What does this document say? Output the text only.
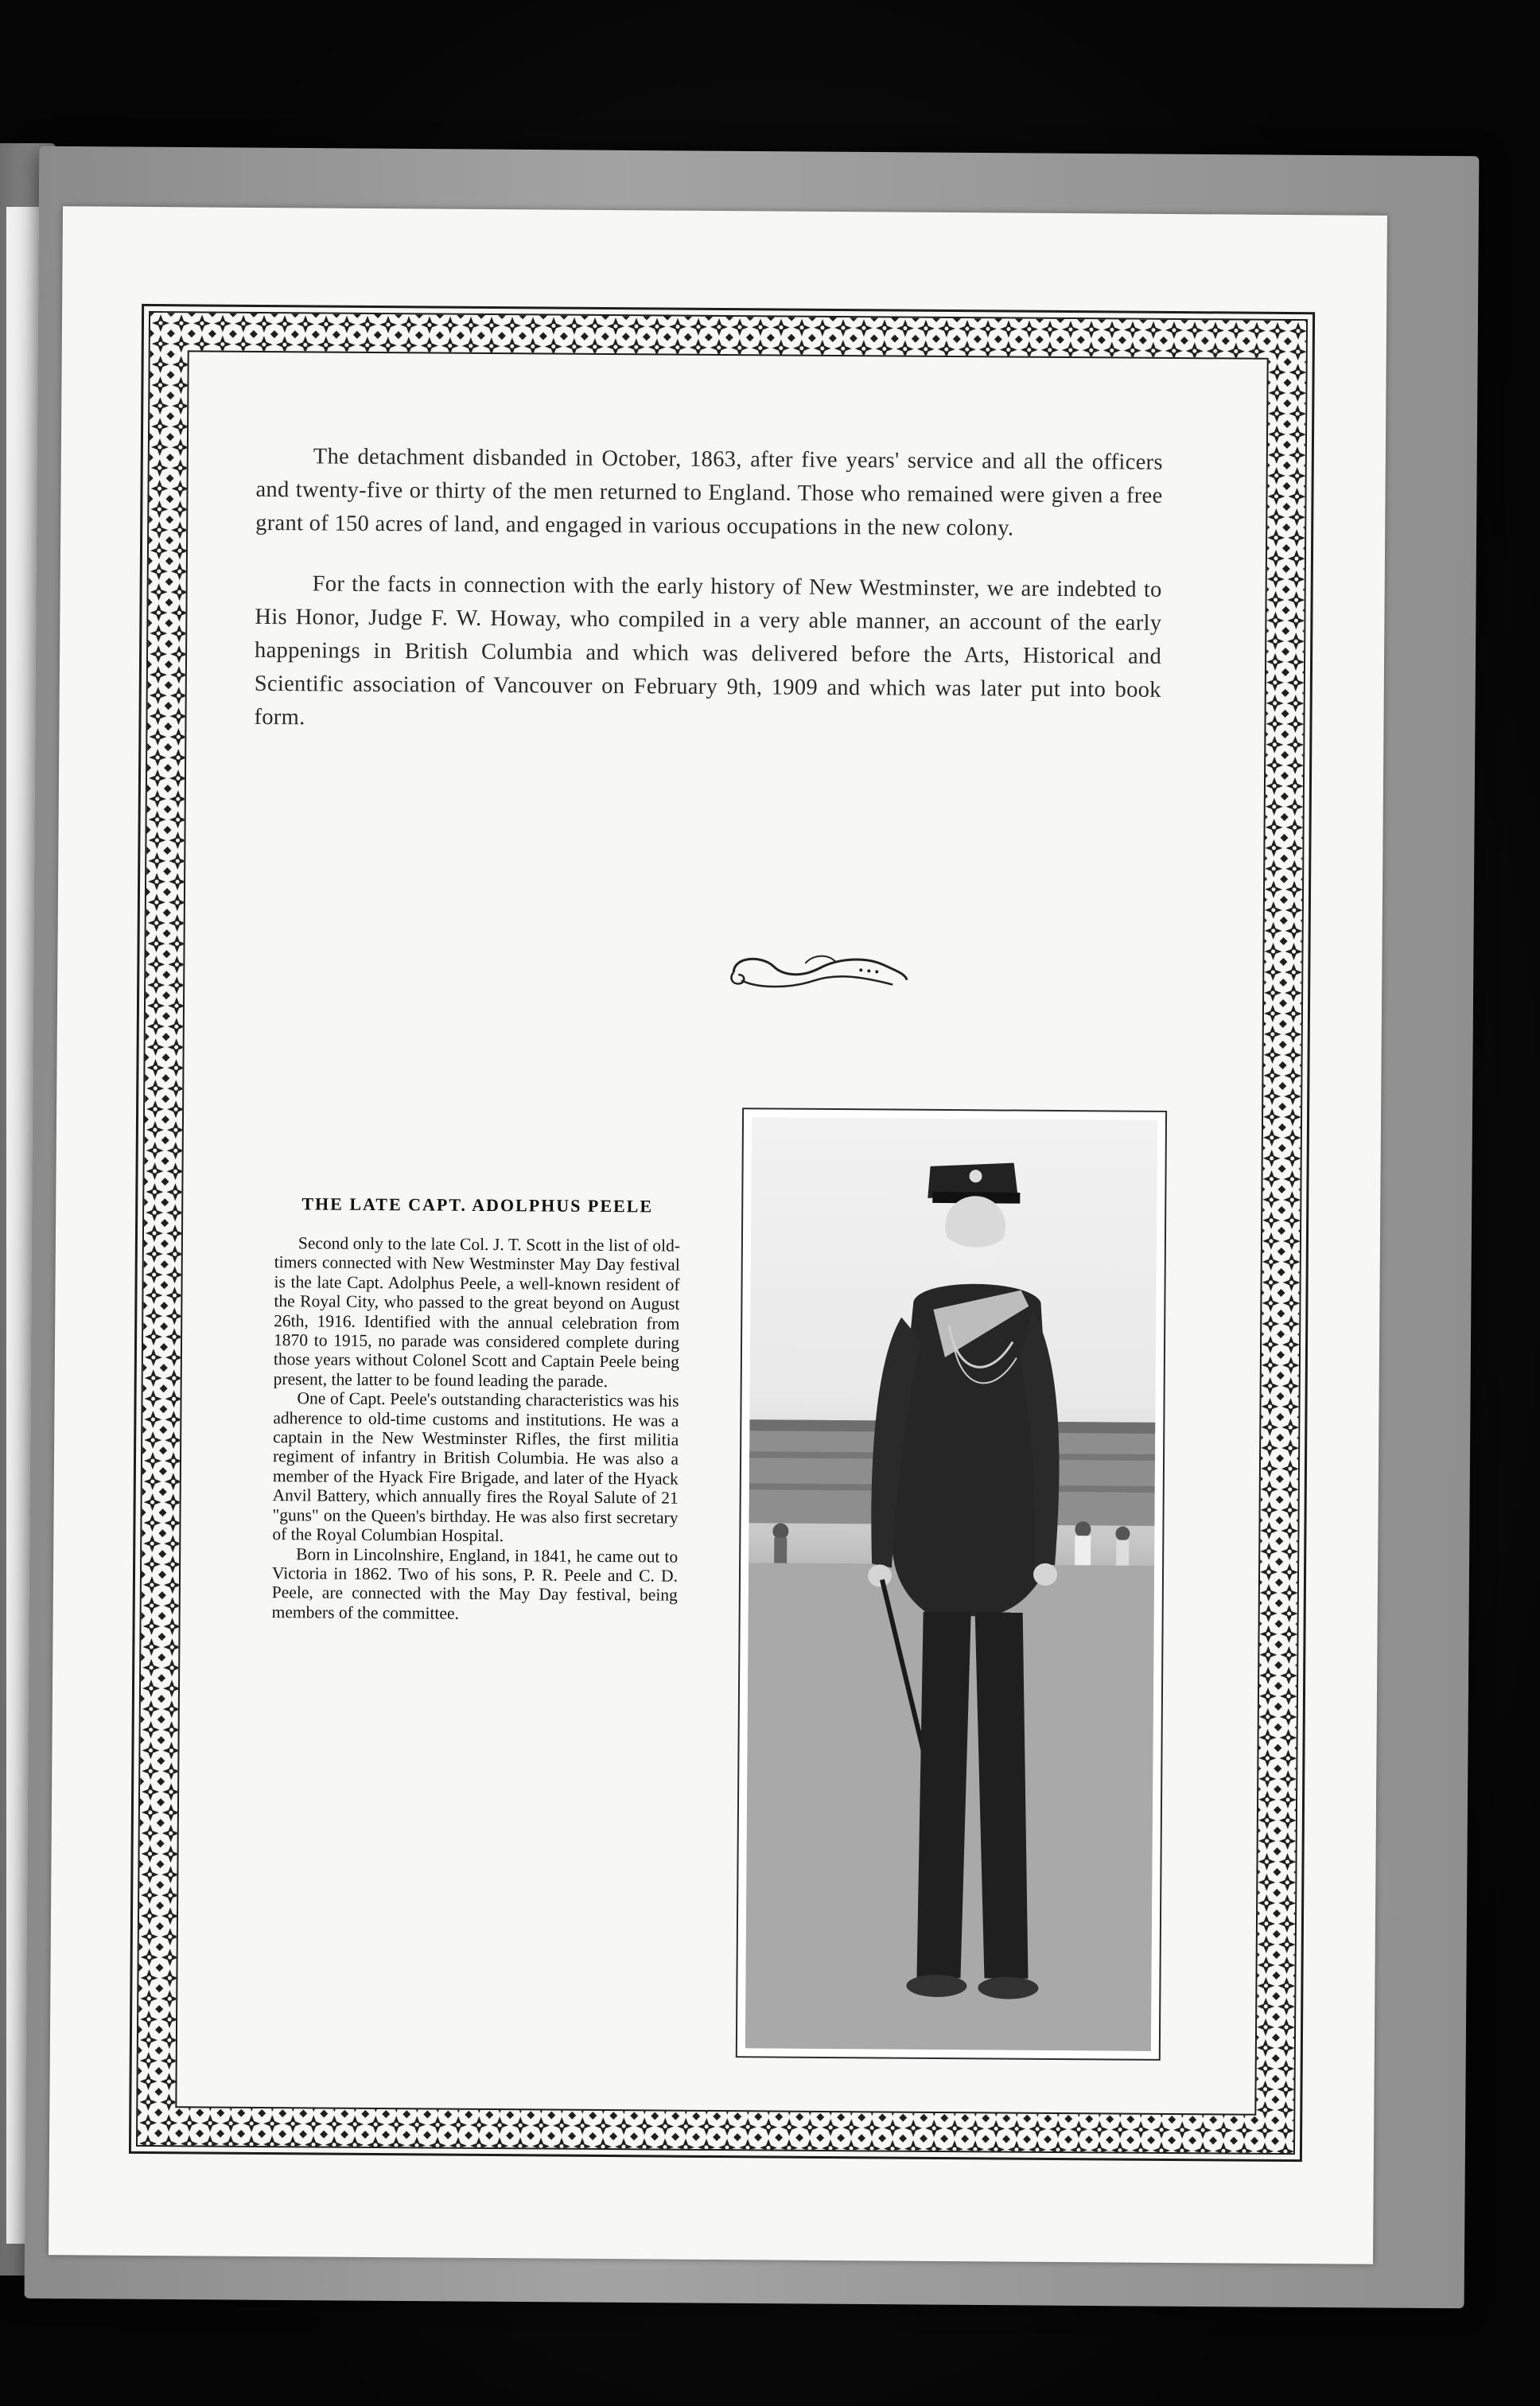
The detachment disbanded in October, 1863, after five years' service and all the officers and twenty-five or thirty of the men returned to England. Those who remained were given a free grant of 150 acres of land, and engaged in various occupations in the new colony.

For the facts in connection with the early history of New Westminster, we are indebted to His Honor, Judge F. W. Howay, who compiled in a very able manner, an account of the early happenings in British Columbia and which was delivered before the Arts, Historical and Scientific association of Vancouver on February 9th, 1909 and which was later put into book form.

THE LATE CAPT. ADOLPHUS PEELE

Second only to the late Col. J. T. Scott in the list of old-timers connected with New Westminster May Day festival is the late Capt. Adolphus Peele, a well-known resident of the Royal City, who passed to the great beyond on August 26th, 1916. Identified with the annual celebration from 1870 to 1915, no parade was considered complete during those years without Colonel Scott and Captain Peele being present, the latter to be found leading the parade.

One of Capt. Peele's outstanding characteristics was his adherence to old-time customs and institutions. He was a captain in the New Westminster Rifles, the first militia regiment of infantry in British Columbia. He was also a member of the Hyack Fire Brigade, and later of the Hyack Anvil Battery, which annually fires the Royal Salute of 21 "guns" on the Queen's birthday. He was also first secretary of the Royal Columbian Hospital.

Born in Lincolnshire, England, in 1841, he came out to Victoria in 1862. Two of his sons, P. R. Peele and C. D. Peele, are connected with the May Day festival, being members of the committee.
